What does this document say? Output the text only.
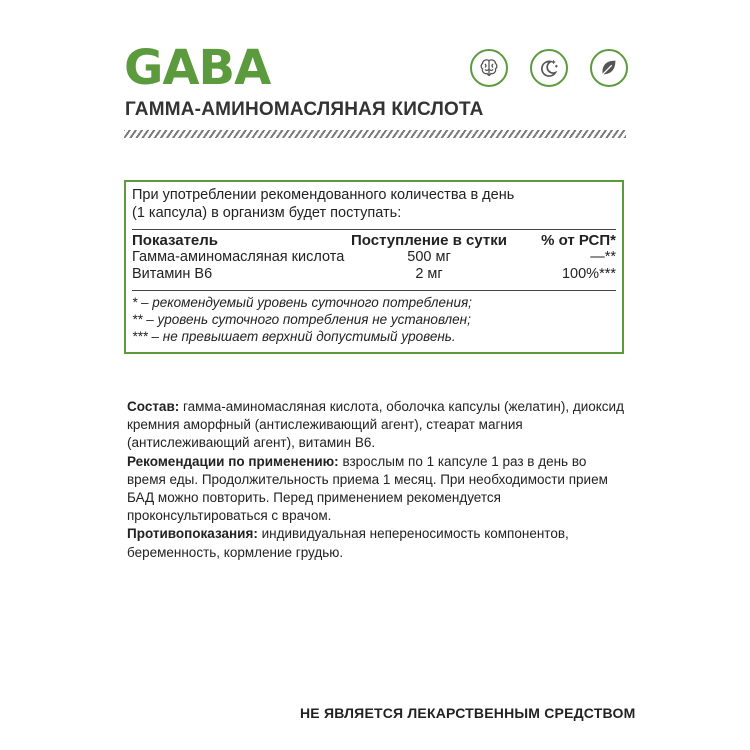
GABA
ГАММА-АМИНОМАСЛЯНАЯ КИСЛОТА

При употреблении рекомендованного количества в день
(1 капсула) в организм будет поступать:

Показатель	Поступление в сутки	% от РСП*
Гамма-аминомасляная кислота	500 мг	—**
Витамин B6	2 мг	100%***
* – рекомендуемый уровень суточного потребления;
** – уровень суточного потребления не установлен;
*** – не превышает верхний допустимый уровень.

Состав: гамма-аминомасляная кислота, оболочка капсулы (желатин), диоксид кремния аморфный (антислеживающий агент), стеарат магния (антислеживающий агент), витамин B6.

Рекомендации по применению: взрослым по 1 капсуле 1 раз в день во время еды. Продолжительность приема 1 месяц. При необходимости прием БАД можно повторить. Перед применением рекомендуется проконсультироваться с врачом.

Противопоказания: индивидуальная непереносимость компонентов, беременность, кормление грудью.

НЕ ЯВЛЯЕТСЯ ЛЕКАРСТВЕННЫМ СРЕДСТВОМ
